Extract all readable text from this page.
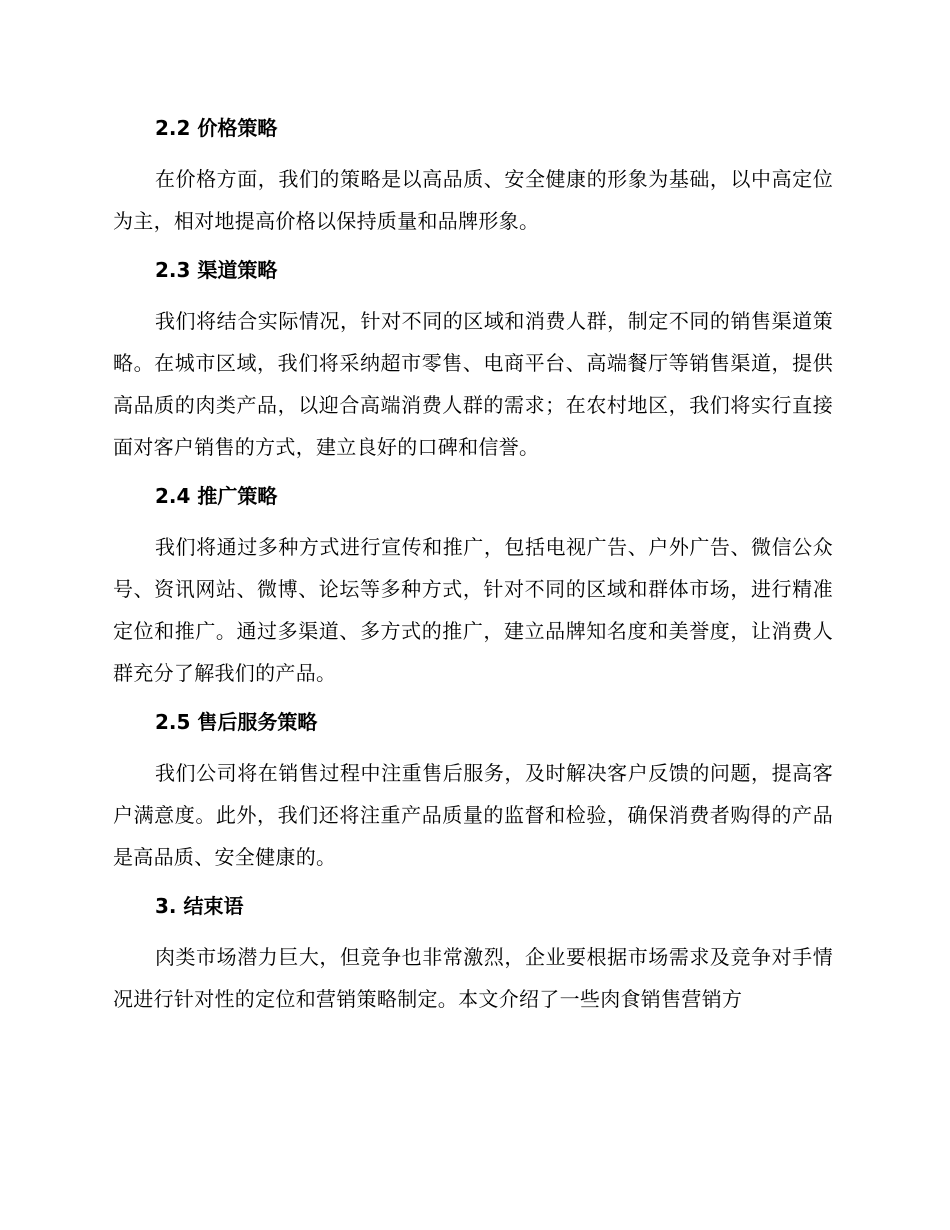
2.2 价格策略

在价格方面，我们的策略是以高品质、安全健康的形象为基础，以中高定位为主，相对地提高价格以保持质量和品牌形象。

2.3 渠道策略

我们将结合实际情况，针对不同的区域和消费人群，制定不同的销售渠道策略。在城市区域，我们将采纳超市零售、电商平台、高端餐厅等销售渠道，提供高品质的肉类产品，以迎合高端消费人群的需求；在农村地区，我们将实行直接面对客户销售的方式，建立良好的口碑和信誉。

2.4 推广策略

我们将通过多种方式进行宣传和推广，包括电视广告、户外广告、微信公众号、资讯网站、微博、论坛等多种方式，针对不同的区域和群体市场，进行精准定位和推广。通过多渠道、多方式的推广，建立品牌知名度和美誉度，让消费人群充分了解我们的产品。

2.5 售后服务策略

我们公司将在销售过程中注重售后服务，及时解决客户反馈的问题，提高客户满意度。此外，我们还将注重产品质量的监督和检验，确保消费者购得的产品是高品质、安全健康的。

3. 结束语

肉类市场潜力巨大，但竞争也非常激烈，企业要根据市场需求及竞争对手情况进行针对性的定位和营销策略制定。本文介绍了一些肉食销售营销方
